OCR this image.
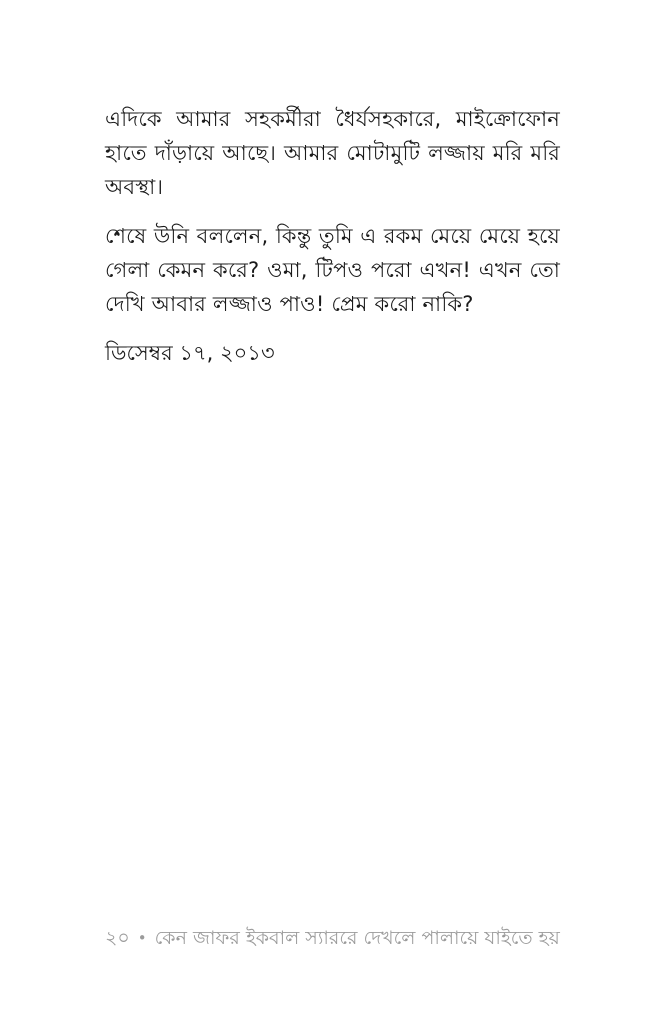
এদিকে আমার সহকর্মীরা ধৈর্যসহকারে, মাইক্রোফোন হাতে দাঁড়ায়ে আছে। আমার মোটামুটি লজ্জায় মরি মরি অবস্থা।

শেষে উনি বললেন, কিন্তু তুমি এ রকম মেয়ে মেয়ে হয়ে গেলা কেমন করে? ওমা, টিপও পরো এখন! এখন তো দেখি আবার লজ্জাও পাও! প্রেম করো নাকি?

ডিসেম্বর ১৭, ২০১৩

২০ • কেন জাফর ইকবাল স্যাররে দেখলে পালায়ে যাইতে হয়
